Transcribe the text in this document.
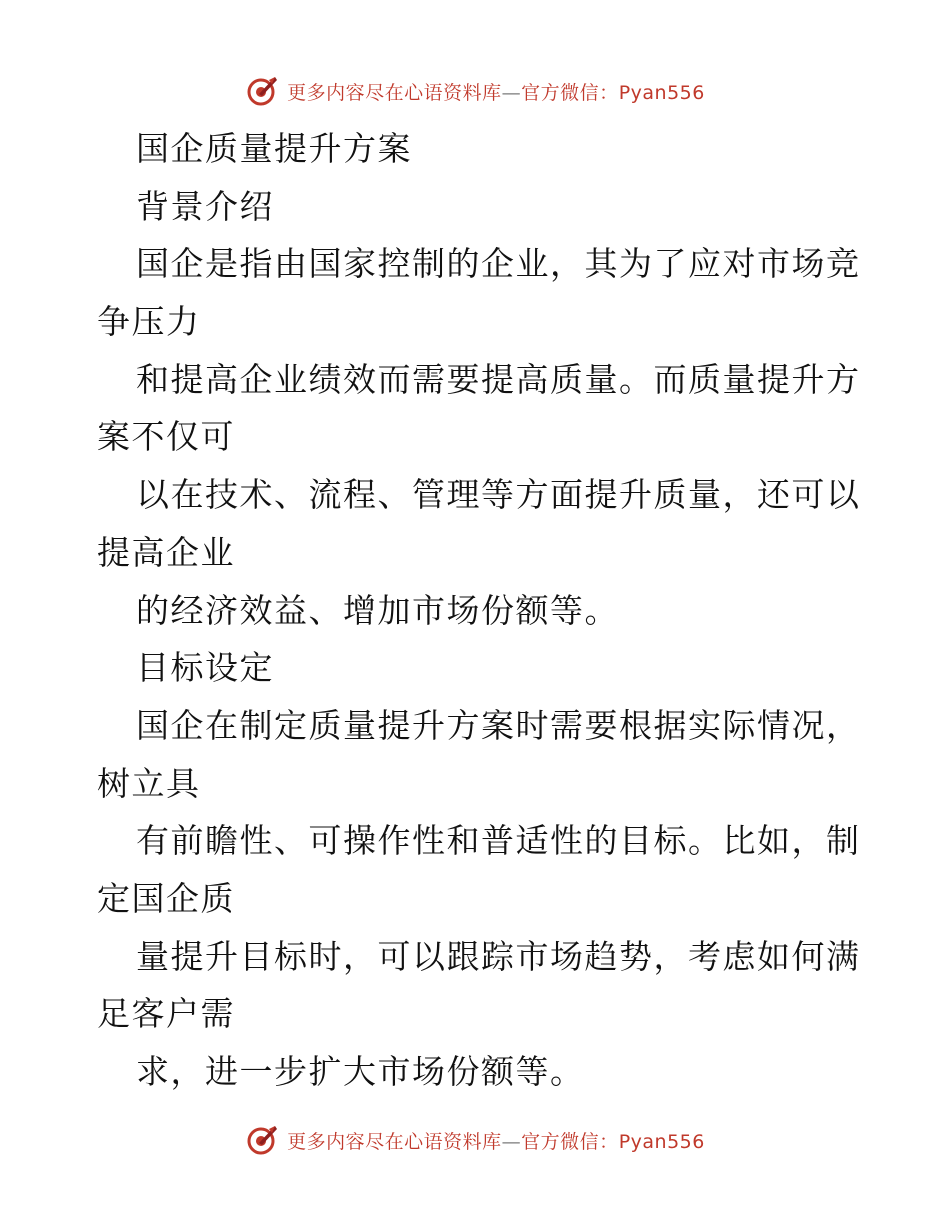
更多内容尽在心语资料库—官方微信：Pyan556
国企质量提升方案
背景介绍
国企是指由国家控制的企业，其为了应对市场竞
争压力
和提高企业绩效而需要提高质量。而质量提升方
案不仅可
以在技术、流程、管理等方面提升质量，还可以
提高企业
的经济效益、增加市场份额等。
目标设定
国企在制定质量提升方案时需要根据实际情况，
树立具
有前瞻性、可操作性和普适性的目标。比如，制
定国企质
量提升目标时，可以跟踪市场趋势，考虑如何满
足客户需
求，进一步扩大市场份额等。
更多内容尽在心语资料库—官方微信：Pyan556
